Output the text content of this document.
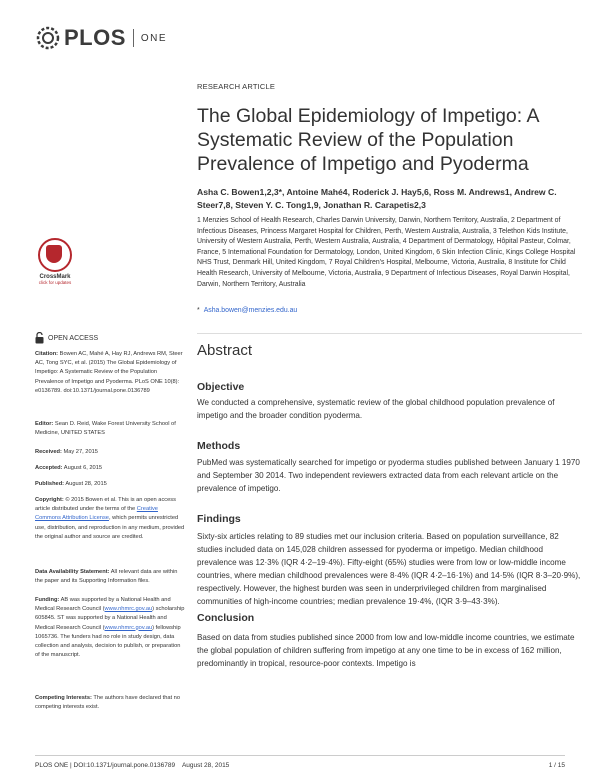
PLOS ONE
RESEARCH ARTICLE
The Global Epidemiology of Impetigo: A Systematic Review of the Population Prevalence of Impetigo and Pyoderma
Asha C. Bowen1,2,3*, Antoine Mahé4, Roderick J. Hay5,6, Ross M. Andrews1, Andrew C. Steer7,8, Steven Y. C. Tong1,9, Jonathan R. Carapetis2,3
1 Menzies School of Health Research, Charles Darwin University, Darwin, Northern Territory, Australia, 2 Department of Infectious Diseases, Princess Margaret Hospital for Children, Perth, Western Australia, Australia, 3 Telethon Kids Institute, University of Western Australia, Perth, Western Australia, Australia, 4 Department of Dermatology, Hôpital Pasteur, Colmar, France, 5 International Foundation for Dermatology, London, United Kingdom, 6 Skin Infection Clinic, Kings College Hospital NHS Trust, Denmark Hill, United Kingdom, 7 Royal Children's Hospital, Melbourne, Victoria, Australia, 8 Institute for Child Health Research, University of Melbourne, Victoria, Australia, 9 Department of Infectious Diseases, Royal Darwin Hospital, Darwin, Northern Territory, Australia
* Asha.bowen@menzies.edu.au
Abstract
Objective
We conducted a comprehensive, systematic review of the global childhood population prevalence of impetigo and the broader condition pyoderma.
Methods
PubMed was systematically searched for impetigo or pyoderma studies published between January 1 1970 and September 30 2014. Two independent reviewers extracted data from each relevant article on the prevalence of impetigo.
Findings
Sixty-six articles relating to 89 studies met our inclusion criteria. Based on population surveillance, 82 studies included data on 145,028 children assessed for pyoderma or impetigo. Median childhood prevalence was 12·3% (IQR 4·2–19·4%). Fifty-eight (65%) studies were from low or low-middle income countries, where median childhood prevalences were 8·4% (IQR 4·2–16·1%) and 14·5% (IQR 8·3–20·9%), respectively. However, the highest burden was seen in underprivileged children from marginalised communities of high-income countries; median prevalence 19·4%, (IQR 3·9–43·3%).
Conclusion
Based on data from studies published since 2000 from low and low-middle income countries, we estimate the global population of children suffering from impetigo at any one time to be in excess of 162 million, predominantly in tropical, resource-poor contexts. Impetigo is
CrossMark
click for updates
OPEN ACCESS
Citation: Bowen AC, Mahé A, Hay RJ, Andrews RM, Steer AC, Tong SYC, et al. (2015) The Global Epidemiology of Impetigo: A Systematic Review of the Population Prevalence of Impetigo and Pyoderma. PLoS ONE 10(8): e0136789. doi:10.1371/journal.pone.0136789
Editor: Sean D. Reid, Wake Forest University School of Medicine, UNITED STATES
Received: May 27, 2015
Accepted: August 6, 2015
Published: August 28, 2015
Copyright: © 2015 Bowen et al. This is an open access article distributed under the terms of the Creative Commons Attribution License, which permits unrestricted use, distribution, and reproduction in any medium, provided the original author and source are credited.
Data Availability Statement: All relevant data are within the paper and its Supporting Information files.
Funding: AB was supported by a National Health and Medical Research Council (www.nhmrc.gov.au) scholarship 605845. ST was supported by a National Health and Medical Research Council (www.nhmrc.gov.au) fellowship 1065736. The funders had no role in study design, data collection and analysis, decision to publish, or preparation of the manuscript.
Competing Interests: The authors have declared that no competing interests exist.
PLOS ONE | DOI:10.1371/journal.pone.0136789    August 28, 2015	1 / 15
